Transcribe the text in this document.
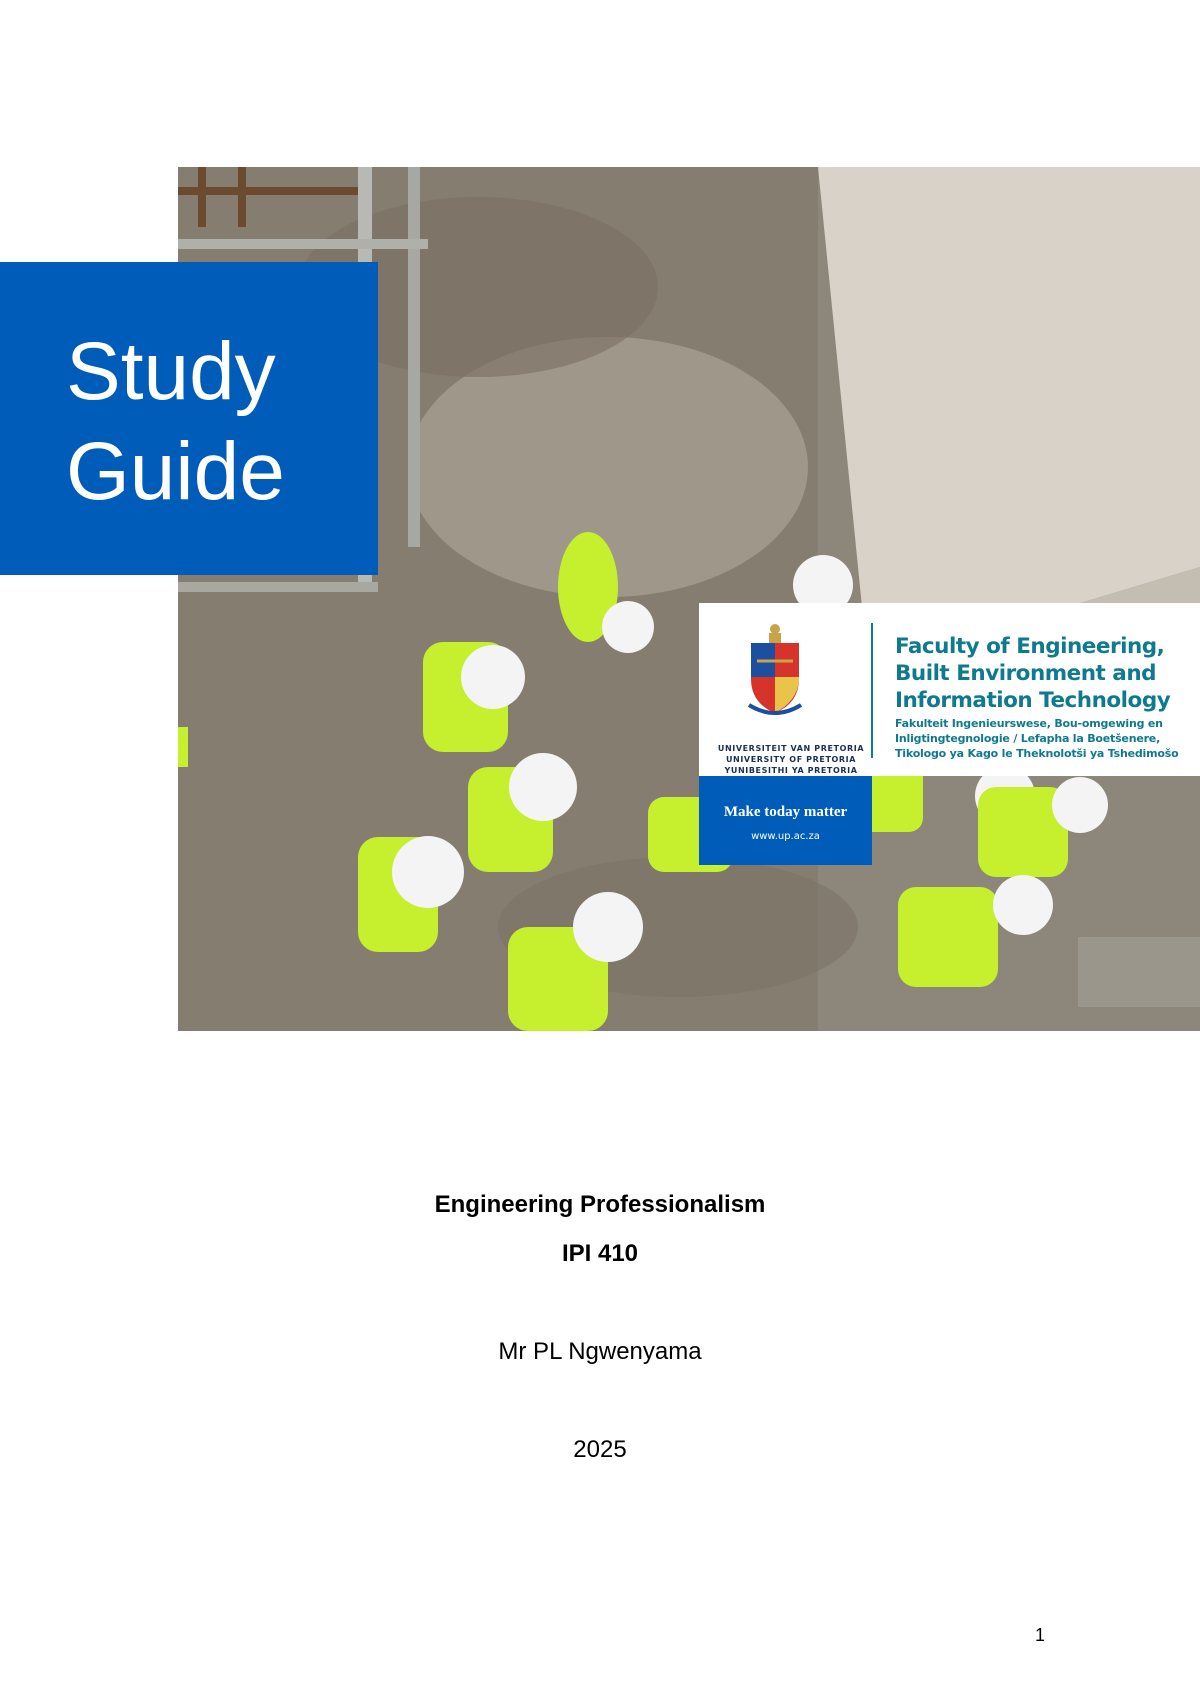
Study
Guide
UNIVERSITEIT VAN PRETORIA
UNIVERSITY OF PRETORIA
YUNIBESITHI YA PRETORIA
Faculty of Engineering,
Built Environment and
Information Technology
Fakulteit Ingenieurswese, Bou-omgewing en
Inligtingtegnologie / Lefapha la Boetšenere,
Tikologo ya Kago le Theknolotši ya Tshedimošo
Make today matter
www.up.ac.za
Engineering Professionalism
IPI 410
Mr PL Ngwenyama
2025
1
